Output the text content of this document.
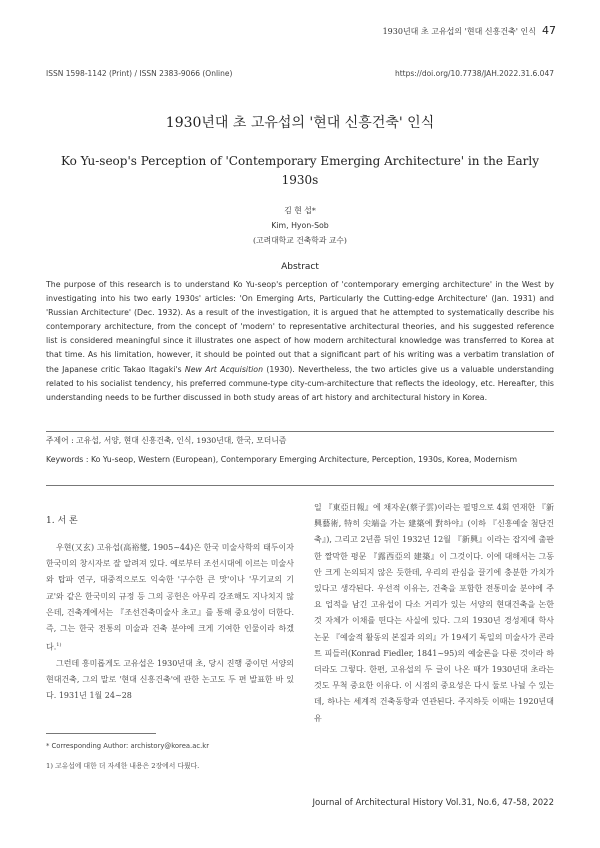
1930년대 초 고유섭의 '현대 신흥건축' 인식 47
ISSN 1598-1142 (Print) / ISSN 2383-9066 (Online)	https://doi.org/10.7738/JAH.2022.31.6.047
1930년대 초 고유섭의 '현대 신흥건축' 인식
Ko Yu-seop's Perception of 'Contemporary Emerging Architecture' in the Early 1930s
김 현 섭*
Kim, Hyon-Sob
(고려대학교 건축학과 교수)
Abstract
The purpose of this research is to understand Ko Yu-seop's perception of 'contemporary emerging architecture' in the West by investigating into his two early 1930s' articles: 'On Emerging Arts, Particularly the Cutting-edge Architecture' (Jan. 1931) and 'Russian Architecture' (Dec. 1932). As a result of the investigation, it is argued that he attempted to systematically describe his contemporary architecture, from the concept of 'modern' to representative architectural theories, and his suggested reference list is considered meaningful since it illustrates one aspect of how modern architectural knowledge was transferred to Korea at that time. As his limitation, however, it should be pointed out that a significant part of his writing was a verbatim translation of the Japanese critic Takao Itagaki's New Art Acquisition (1930). Nevertheless, the two articles give us a valuable understanding related to his socialist tendency, his preferred commune-type city-cum-architecture that reflects the ideology, etc. Hereafter, this understanding needs to be further discussed in both study areas of art history and architectural history in Korea.
주제어 : 고유섭, 서양, 현대 신흥건축, 인식, 1930년대, 한국, 모더니즘
Keywords : Ko Yu-seop, Western (European), Contemporary Emerging Architecture, Perception, 1930s, Korea, Modernism
1. 서 론

우현(又玄) 고유섭(高裕燮, 1905~44)은 한국 미술사학의 태두이자 한국미의 창시자로 잘 알려져 있다. 예로부터 조선시대에 이르는 미술사와 탑파 연구, 대중적으로도 익숙한 '구수한 큰 맛'이나 '무기교의 기교'와 같은 한국미의 규정 등 그의 공헌은 아무리 강조해도 지나치지 않은데, 건축계에서는 『조선건축미술사 초고』를 통해 중요성이 더한다. 즉, 그는 한국 전통의 미술과 건축 분야에 크게 기여한 인물이라 하겠다.$^{1)}$

그런데 흥미롭게도 고유섭은 1930년대 초, 당시 진행 중이던 서양의 현대건축, 그의 말로 '현대 신흥건축'에 관한 논고도 두 편 발표한 바 있다. 1931년 1월 24~28

일 『東亞日報』에 채자운(蔡子雲)이라는 필명으로 4회 연재한 『新興藝術, 特히 尖端을 가는 建築에 對하야』(이하 『신흥예술 첨단건축』), 그리고 2년쯤 뒤인 1932년 12월 『新興』이라는 잡지에 출판한 짤막한 평문 『露西亞의 建築』이 그것이다. 이에 대해서는 그동안 크게 논의되지 않은 듯한데, 우리의 관심을 끌기에 충분한 가치가 있다고 생각된다. 우선적 이유는, 건축을 포함한 전통미술 분야에 주요 업적을 남긴 고유섭이 다소 거리가 있는 서양의 현대건축을 논한 것 자체가 이채를 띤다는 사실에 있다. 그의 1930년 경성제대 학사 논문 『예술적 활동의 본질과 의의』가 19세기 독일의 미술사가 콘라트 피들러(Konrad Fiedler, 1841~95)의 예술론을 다룬 것이라 하더라도 그렇다. 한편, 고유섭의 두 글이 나온 때가 1930년대 초라는 것도 무척 중요한 이유다. 이 시점의 중요성은 다시 둘로 나뉠 수 있는데, 하나는 세계적 건축동향과 연관된다. 주지하듯 이때는 1920년대 유

* Corresponding Author: archistory@korea.ac.kr
1) 고유섭에 대한 더 자세한 내용은 2장에서 다뤘다.
Journal of Architectural History Vol.31, No.6, 47-58, 2022
